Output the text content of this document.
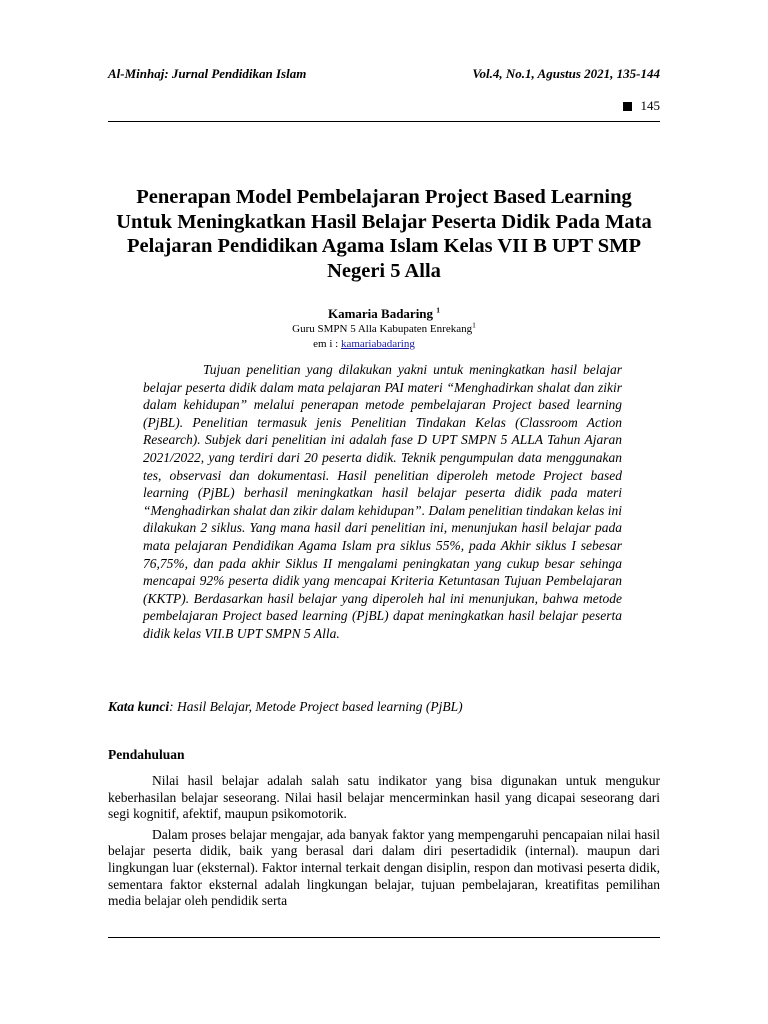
Al-Minhaj: Jurnal Pendidikan Islam	Vol.4, No.1, Agustus 2021, 135-144
145
Penerapan Model Pembelajaran Project Based Learning Untuk Meningkatkan Hasil Belajar Peserta Didik Pada Mata Pelajaran Pendidikan Agama Islam Kelas VII B UPT SMP Negeri 5 Alla
Kamaria Badaring $^1$
Guru SMPN 5 Alla Kabupaten Enrekang$^1$
em i : kamariabadaring

Tujuan penelitian yang dilakukan yakni untuk meningkatkan hasil belajar belajar peserta didik dalam mata pelajaran PAI materi “Menghadirkan shalat dan zikir dalam kehidupan” melalui penerapan metode pembelajaran Project based learning (PjBL). Penelitian termasuk jenis Penelitian Tindakan Kelas (Classroom Action Research). Subjek dari penelitian ini adalah fase D UPT SMPN 5 ALLA Tahun Ajaran 2021/2022, yang terdiri dari 20 peserta didik. Teknik pengumpulan data menggunakan tes, observasi dan dokumentasi. Hasil penelitian diperoleh metode Project based learning (PjBL) berhasil meningkatkan hasil belajar peserta didik pada materi “Menghadirkan shalat dan zikir dalam kehidupan”. Dalam penelitian tindakan kelas ini dilakukan 2 siklus. Yang mana hasil dari penelitian ini, menunjukan hasil belajar pada mata pelajaran Pendidikan Agama Islam pra siklus 55%, pada Akhir siklus I sebesar 76,75%, dan pada akhir Siklus II mengalami peningkatan yang cukup besar sehinga mencapai 92% peserta didik yang mencapai Kriteria Ketuntasan Tujuan Pembelajaran (KKTP). Berdasarkan hasil belajar yang diperoleh hal ini menunjukan, bahwa metode pembelajaran Project based learning (PjBL) dapat meningkatkan hasil belajar peserta didik kelas VII.B UPT SMPN 5 Alla.

Kata kunci: Hasil Belajar, Metode Project based learning (PjBL)

Pendahuluan

Nilai hasil belajar adalah salah satu indikator yang bisa digunakan untuk mengukur keberhasilan belajar seseorang. Nilai hasil belajar mencerminkan hasil yang dicapai seseorang dari segi kognitif, afektif, maupun psikomotorik.

Dalam proses belajar mengajar, ada banyak faktor yang mempengaruhi pencapaian nilai hasil belajar peserta didik, baik yang berasal dari dalam diri pesertadidik (internal). maupun dari lingkungan luar (eksternal). Faktor internal terkait dengan disiplin, respon dan motivasi peserta didik, sementara faktor eksternal adalah lingkungan belajar, tujuan pembelajaran, kreatifitas pemilihan media belajar oleh pendidik serta
